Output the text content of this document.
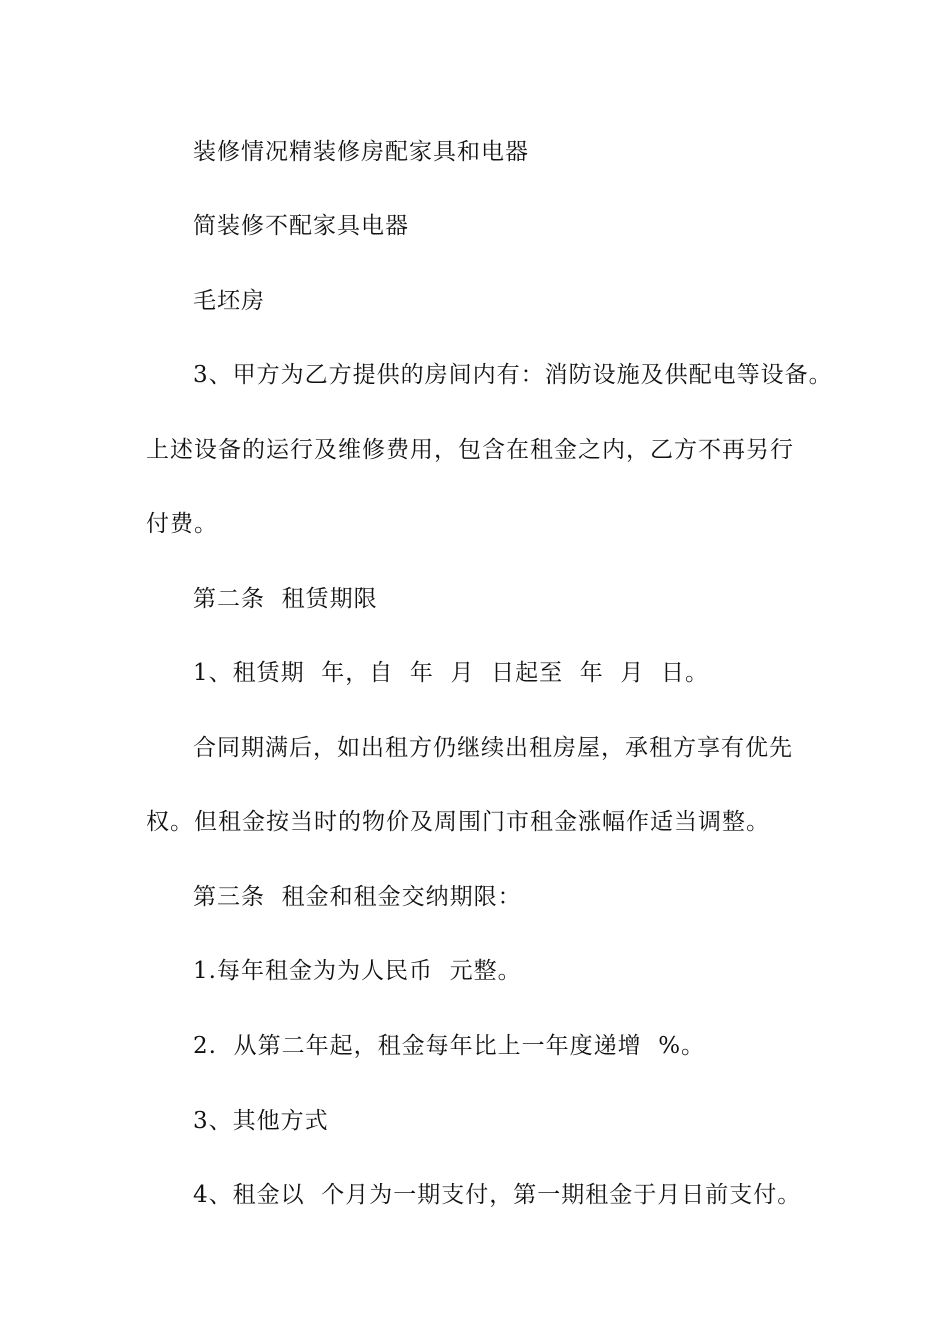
装修情况精装修房配家具和电器
简装修不配家具电器
毛坯房
3、甲方为乙方提供的房间内有：消防设施及供配电等设备。
上述设备的运行及维修费用，包含在租金之内，乙方不再另行
付费。
第二条  租赁期限
1、租赁期  年，自  年  月  日起至  年  月  日。
合同期满后，如出租方仍继续出租房屋，承租方享有优先
权。但租金按当时的物价及周围门市租金涨幅作适当调整。
第三条  租金和租金交纳期限：
1.每年租金为为人民币  元整。
2.  从第二年起，租金每年比上一年度递增  %。
3、其他方式
4、租金以  个月为一期支付，第一期租金于月日前支付。
